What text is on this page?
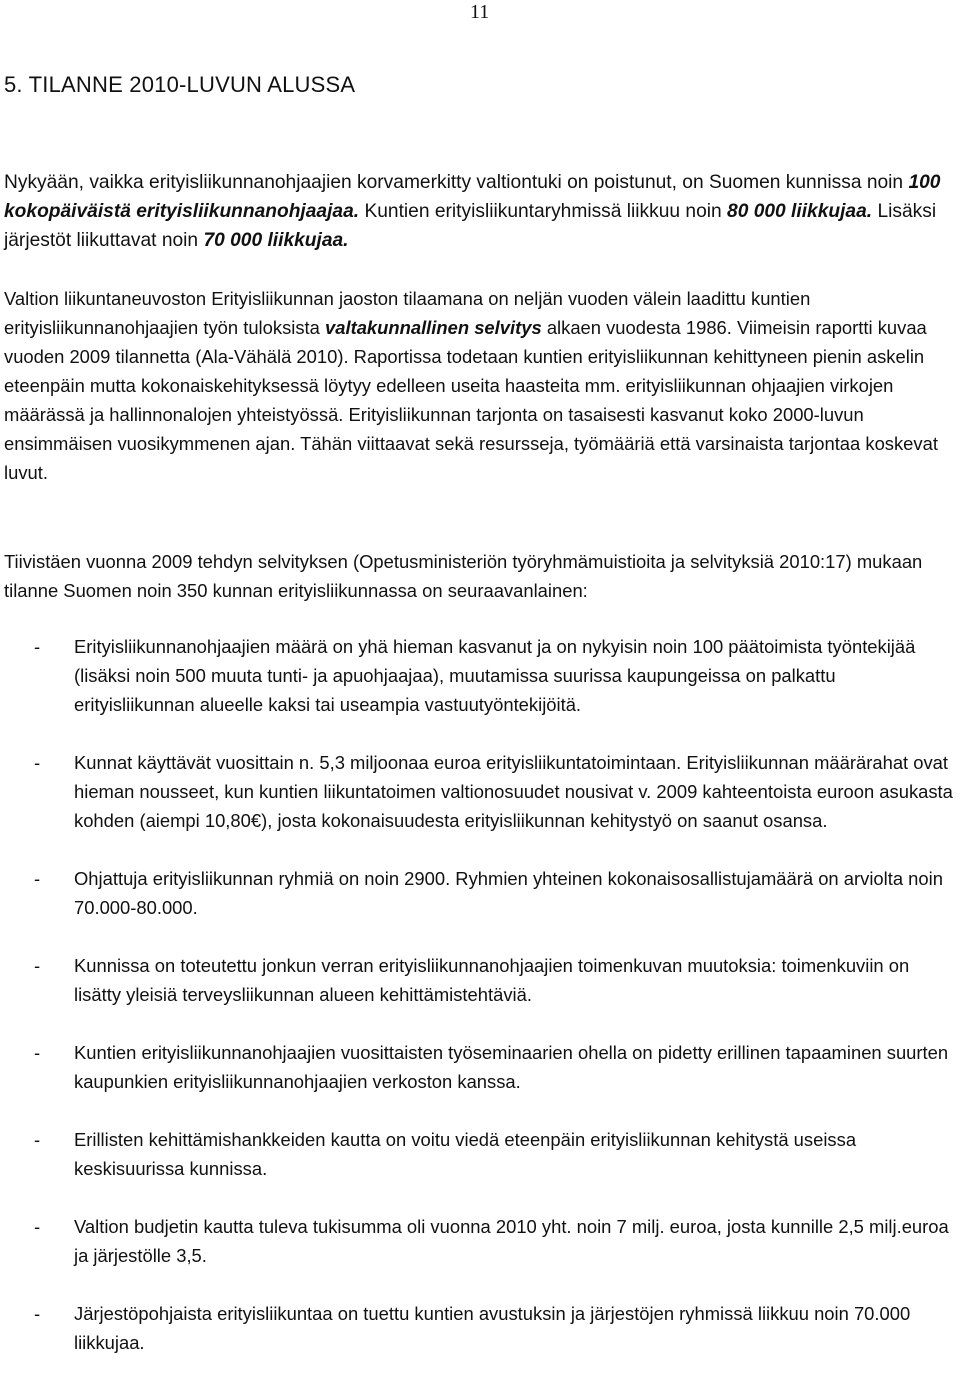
11
5. TILANNE 2010-LUVUN ALUSSA

Nykyään, vaikka erityisliikunnanohjaajien korvamerkitty valtiontuki on poistunut, on Suomen kunnissa noin 100 kokopäiväistä erityisliikunnanohjaajaa. Kuntien erityisliikuntaryhmissä liikkuu noin 80 000 liikkujaa. Lisäksi järjestöt liikuttavat noin 70 000 liikkujaa.

Valtion liikuntaneuvoston Erityisliikunnan jaoston tilaamana on neljän vuoden välein laadittu kuntien erityisliikunnanohjaajien työn tuloksista valtakunnallinen selvitys alkaen vuodesta 1986. Viimeisin raportti kuvaa vuoden 2009 tilannetta (Ala-Vähälä 2010). Raportissa todetaan kuntien erityisliikunnan kehittyneen pienin askelin eteenpäin mutta kokonaiskehityksessä löytyy edelleen useita haasteita mm. erityisliikunnan ohjaajien virkojen määrässä ja hallinnonalojen yhteistyössä. Erityisliikunnan tarjonta on tasaisesti kasvanut koko 2000-luvun ensimmäisen vuosikymmenen ajan. Tähän viittaavat sekä resursseja, työmääriä että varsinaista tarjontaa koskevat luvut.

Tiivistäen vuonna 2009 tehdyn selvityksen (Opetusministeriön työryhmämuistioita ja selvityksiä 2010:17) mukaan tilanne Suomen noin 350 kunnan erityisliikunnassa on seuraavanlainen:

- Erityisliikunnanohjaajien määrä on yhä hieman kasvanut ja on nykyisin noin 100 päätoimista työntekijää (lisäksi noin 500 muuta tunti- ja apuohjaajaa), muutamissa suurissa kaupungeissa on palkattu erityisliikunnan alueelle kaksi tai useampia vastuutyöntekijöitä.
- Kunnat käyttävät vuosittain n. 5,3 miljoonaa euroa erityisliikuntatoimintaan. Erityisliikunnan määrärahat ovat hieman nousseet, kun kuntien liikuntatoimen valtionosuudet nousivat v. 2009 kahteentoista euroon asukasta kohden (aiempi 10,80€), josta kokonaisuudesta erityisliikunnan kehitystyö on saanut osansa.
- Ohjattuja erityisliikunnan ryhmiä on noin 2900. Ryhmien yhteinen kokonaisosallistujamäärä on arviolta noin 70.000-80.000.
- Kunnissa on toteutettu jonkun verran erityisliikunnanohjaajien toimenkuvan muutoksia: toimenkuviin on lisätty yleisiä terveysliikunnan alueen kehittämistehtäviä.
- Kuntien erityisliikunnanohjaajien vuosittaisten työseminaarien ohella on pidetty erillinen tapaaminen suurten kaupunkien erityisliikunnanohjaajien verkoston kanssa.
- Erillisten kehittämishankkeiden kautta on voitu viedä eteenpäin erityisliikunnan kehitystä useissa keskisuurissa kunnissa.
- Valtion budjetin kautta tuleva tukisumma oli vuonna 2010 yht. noin 7 milj. euroa, josta kunnille 2,5 milj.euroa ja järjestölle 3,5.
- Järjestöpohjaista erityisliikuntaa on tuettu kuntien avustuksin ja järjestöjen ryhmissä liikkuu noin 70.000 liikkujaa.
